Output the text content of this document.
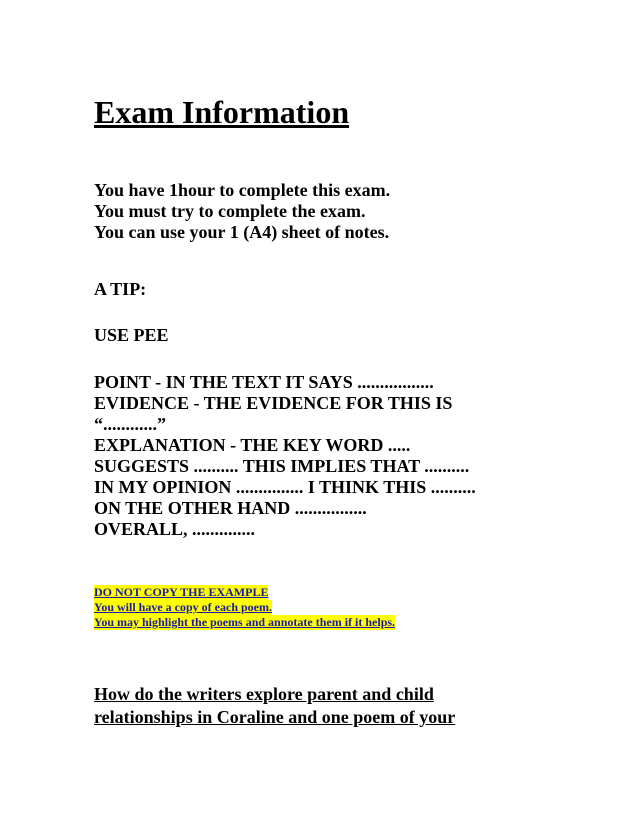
Exam Information

You have 1hour to complete this exam.
You must try to complete the exam.
You can use your 1 (A4) sheet of notes.

A TIP:

USE PEE

POINT - IN THE TEXT IT SAYS .................
EVIDENCE - THE EVIDENCE FOR THIS IS
“............”
EXPLANATION - THE KEY WORD .....
SUGGESTS .......... THIS IMPLIES THAT ..........
IN MY OPINION ............... I THINK THIS ..........
ON THE OTHER HAND ................
OVERALL, ..............

DO NOT COPY THE EXAMPLE
You will have a copy of each poem.
You may highlight the poems and annotate them if it helps.
How do the writers explore parent and child
relationships in Coraline and one poem of your
